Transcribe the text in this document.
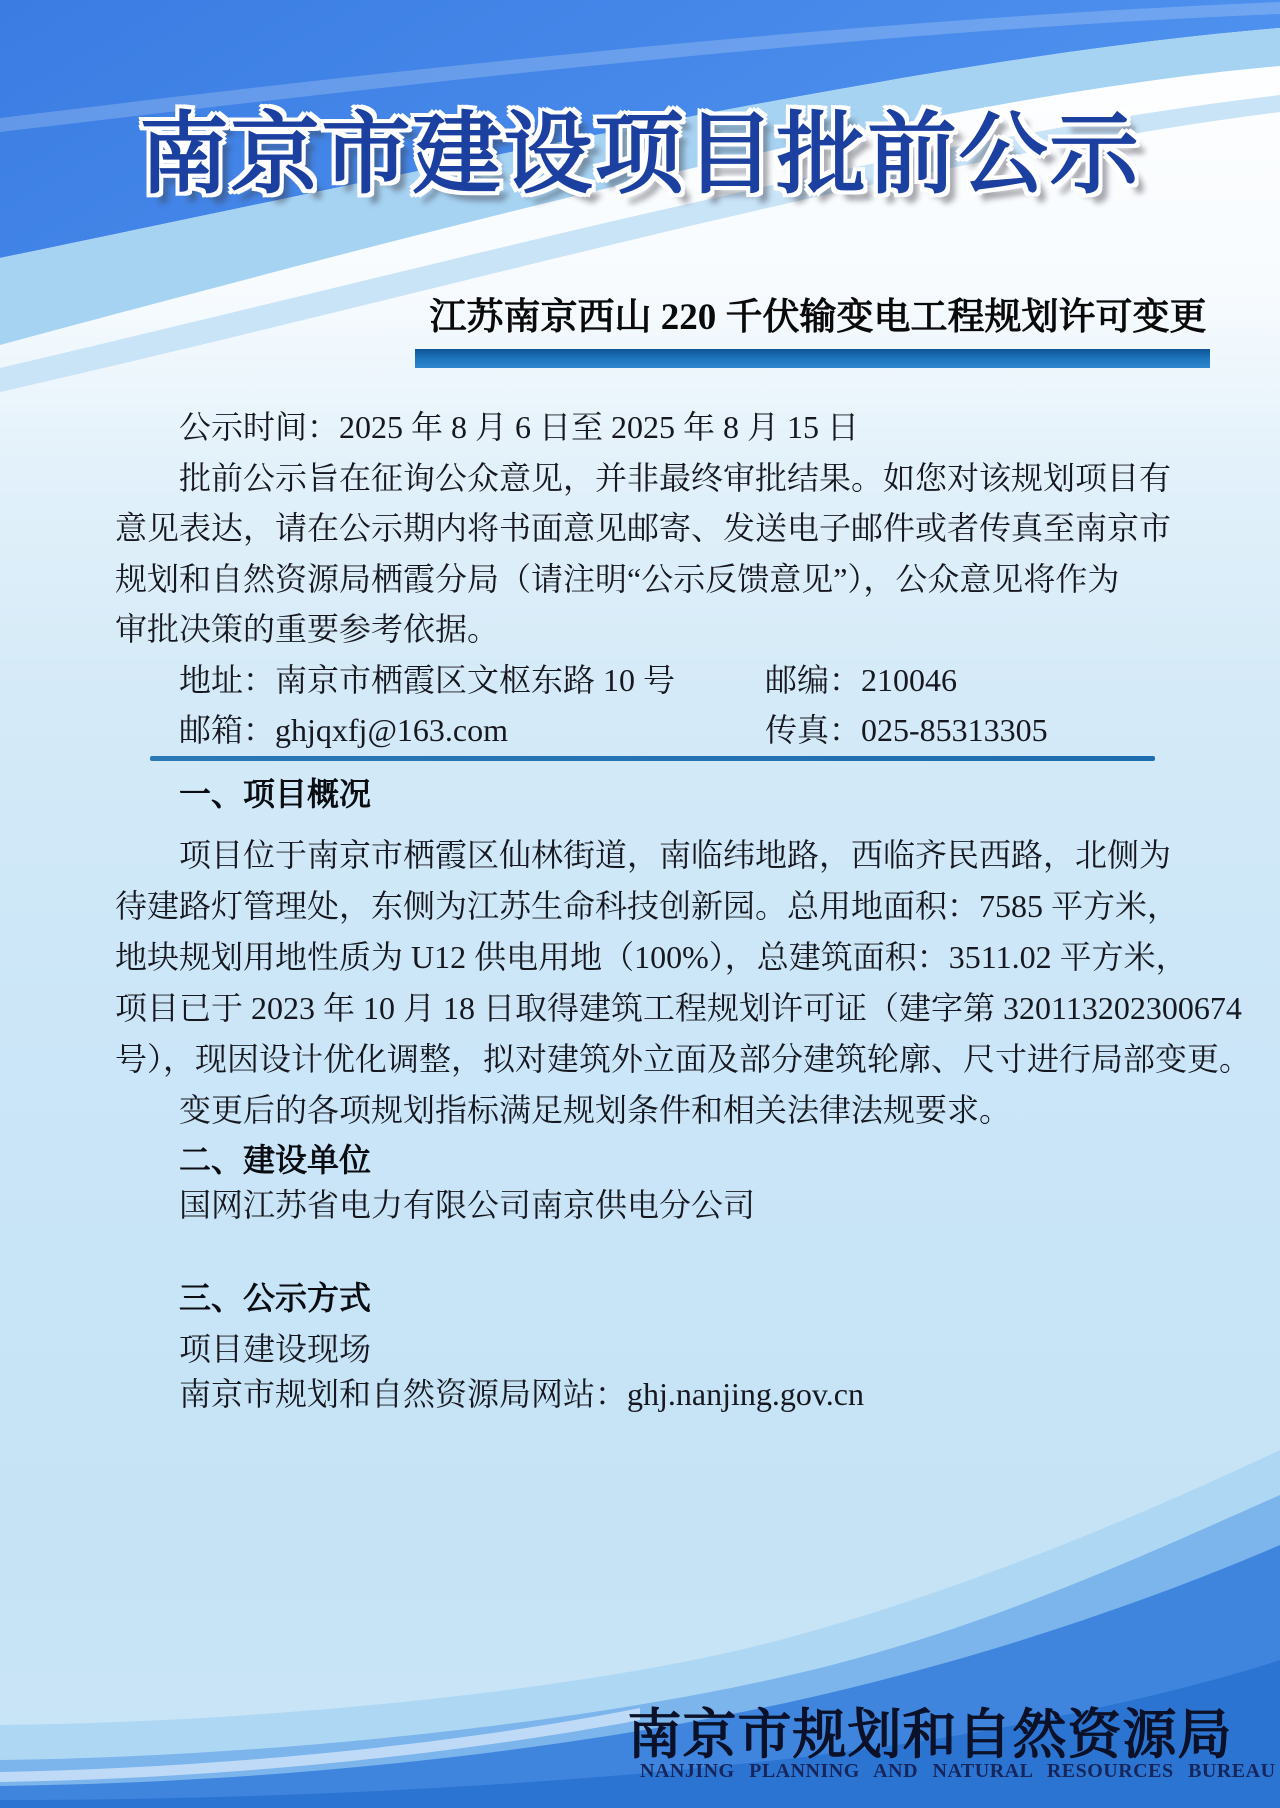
南京市建设项目批前公示
江苏南京西山 220 千伏输变电工程规划许可变更
公示时间：2025 年 8 月 6 日至 2025 年 8 月 15 日
批前公示旨在征询公众意见，并非最终审批结果。如您对该规划项目有
意见表达，请在公示期内将书面意见邮寄、发送电子邮件或者传真至南京市
规划和自然资源局栖霞分局（请注明“公示反馈意见”），公众意见将作为
审批决策的重要参考依据。
地址：南京市栖霞区文枢东路 10 号	邮编：210046
邮箱：ghjqxfj@163.com	传真：025-85313305
一、项目概况
项目位于南京市栖霞区仙林街道，南临纬地路，西临齐民西路，北侧为
待建路灯管理处，东侧为江苏生命科技创新园。总用地面积：7585 平方米，
地块规划用地性质为 U12 供电用地（100%），总建筑面积：3511.02 平方米，
项目已于 2023 年 10 月 18 日取得建筑工程规划许可证（建字第 320113202300674
号），现因设计优化调整，拟对建筑外立面及部分建筑轮廓、尺寸进行局部变更。
变更后的各项规划指标满足规划条件和相关法律法规要求。
二、建设单位
国网江苏省电力有限公司南京供电分公司
三、公示方式
项目建设现场
南京市规划和自然资源局网站：ghj.nanjing.gov.cn
南京市规划和自然资源局
NANJING PLANNING AND NATURAL RESOURCES BUREAU
